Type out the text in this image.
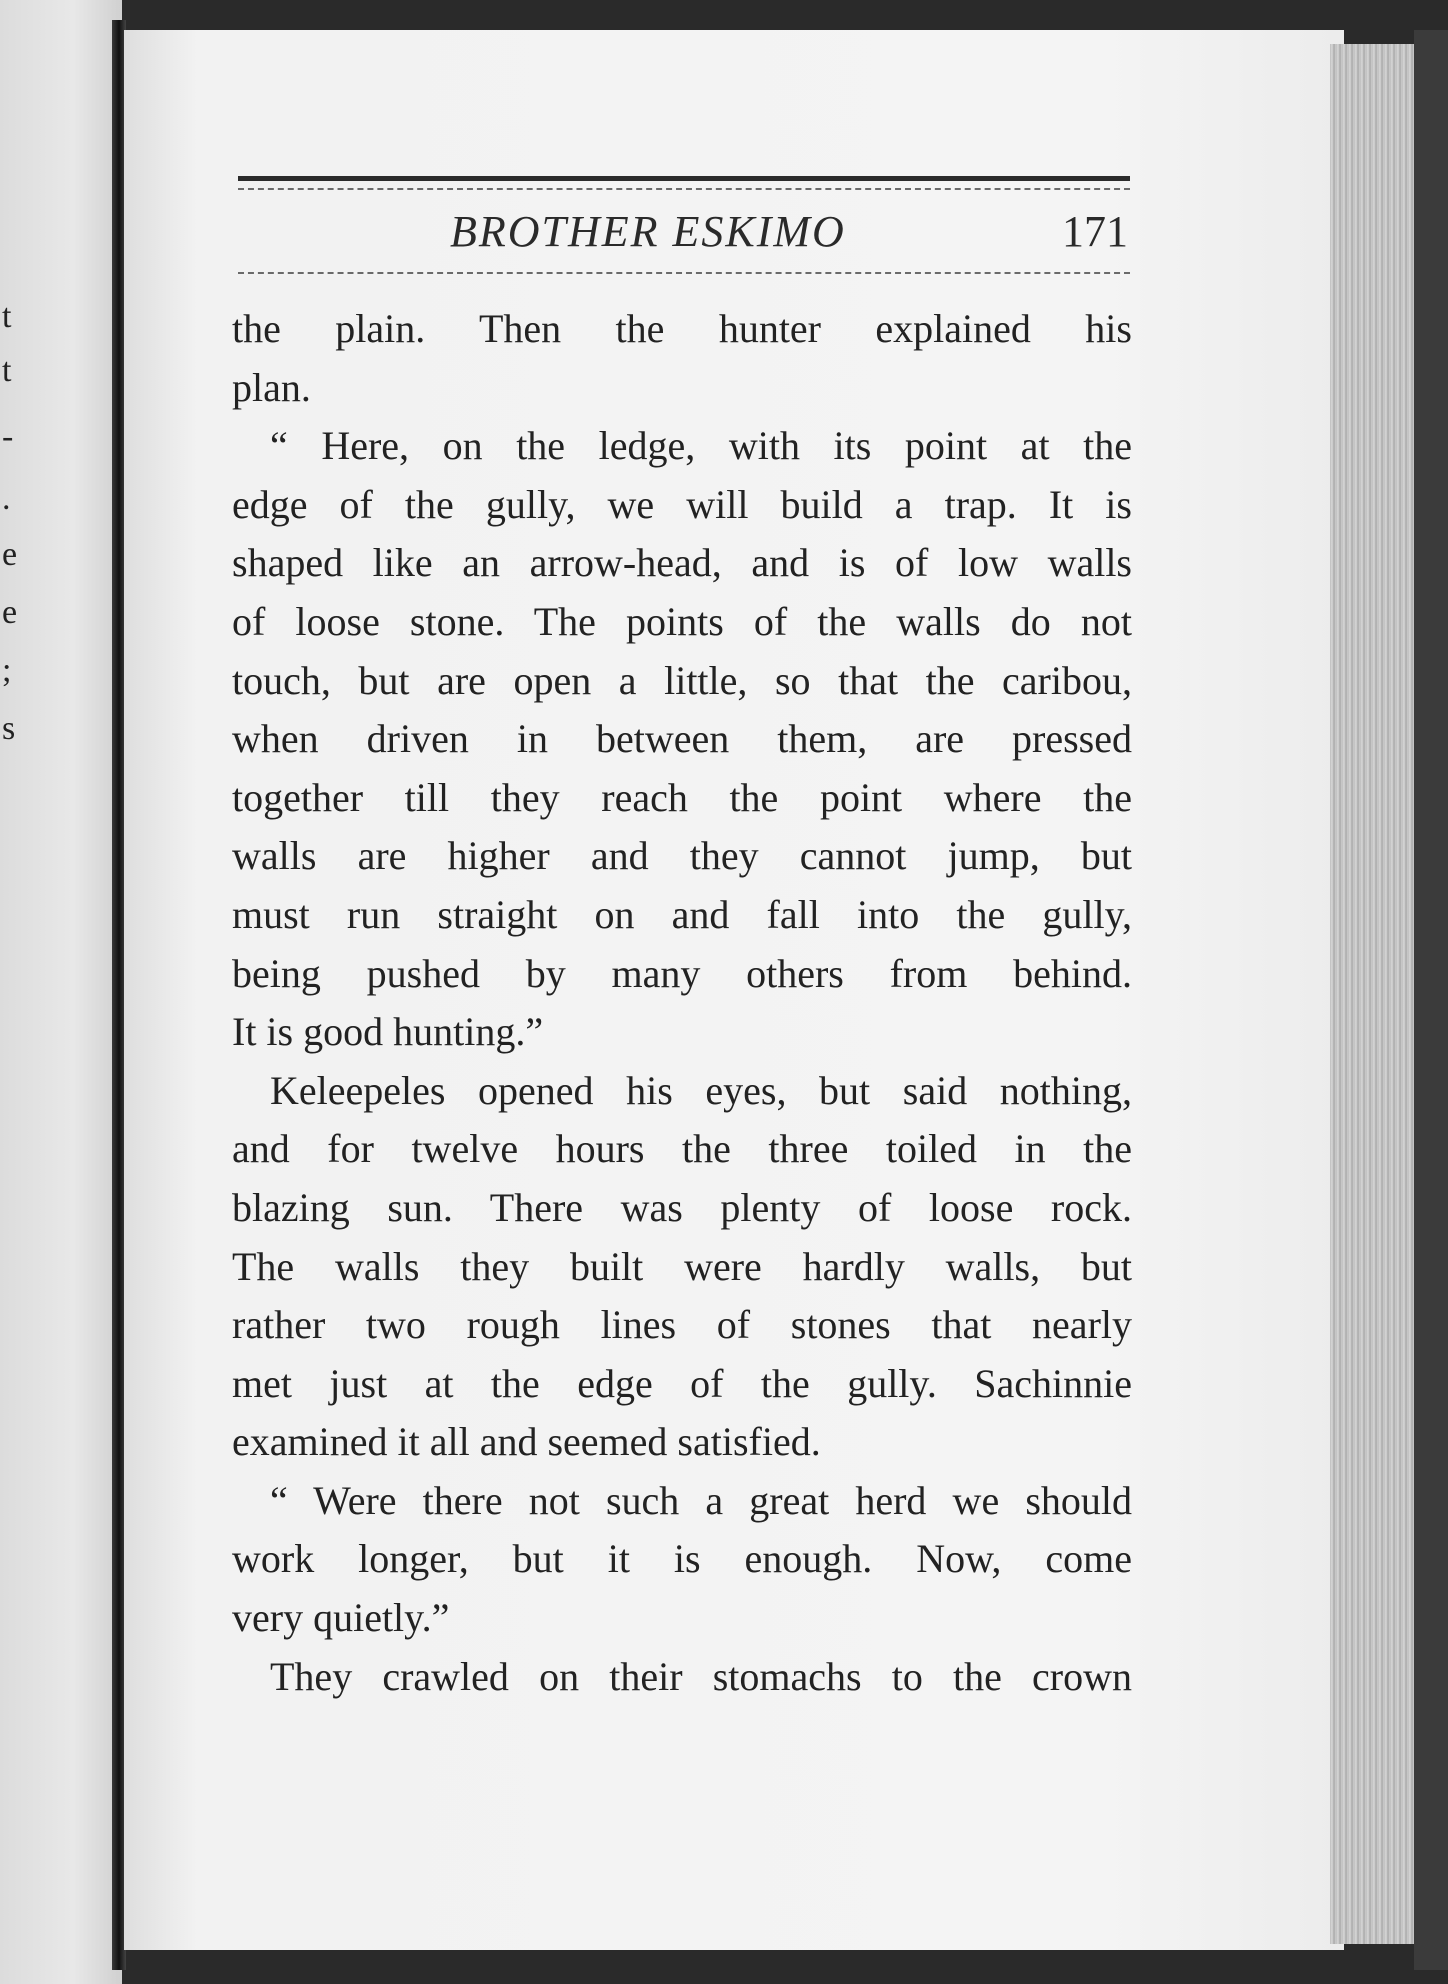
t
t
-
.
e
e
;
s
BROTHER ESKIMO	171
the plain. Then the hunter explained his
plan.
“ Here, on the ledge, with its point at the
edge of the gully, we will build a trap. It is
shaped like an arrow-head, and is of low walls
of loose stone. The points of the walls do not
touch, but are open a little, so that the caribou,
when driven in between them, are pressed
together till they reach the point where the
walls are higher and they cannot jump, but
must run straight on and fall into the gully,
being pushed by many others from behind.
It is good hunting.”
Keleepeles opened his eyes, but said nothing,
and for twelve hours the three toiled in the
blazing sun. There was plenty of loose rock.
The walls they built were hardly walls, but
rather two rough lines of stones that nearly
met just at the edge of the gully. Sachinnie
examined it all and seemed satisfied.
“ Were there not such a great herd we should
work longer, but it is enough. Now, come
very quietly.”
They crawled on their stomachs to the crown
